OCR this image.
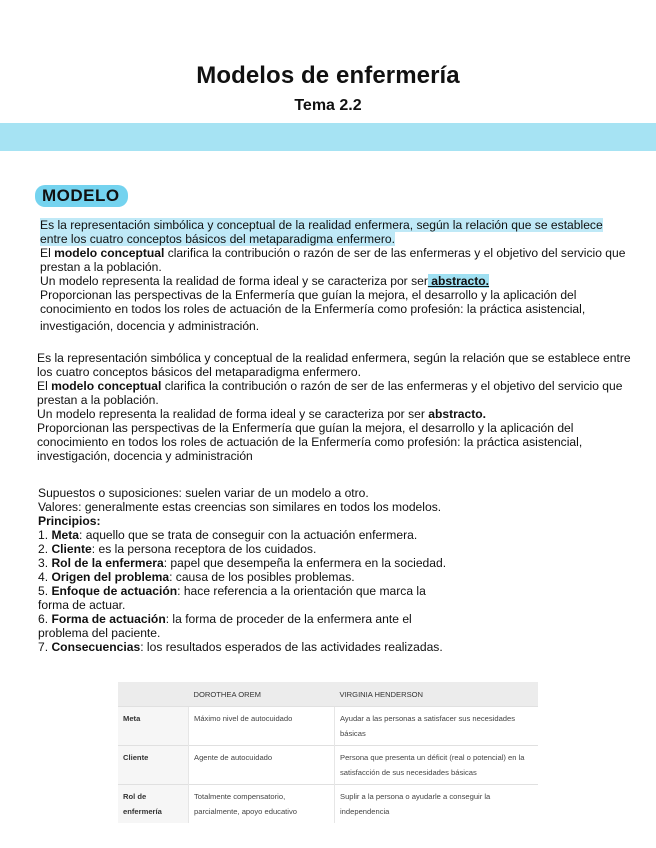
Modelos de enfermería
Tema 2.2
MODELO
Es la representación simbólica y conceptual de la realidad enfermera, según la relación que se establece
entre los cuatro conceptos básicos del metaparadigma enfermero.
El modelo conceptual clarifica la contribución o razón de ser de las enfermeras y el objetivo del servicio que
prestan a la población.
Un modelo representa la realidad de forma ideal y se caracteriza por ser abstracto.
Proporcionan las perspectivas de la Enfermería que guían la mejora, el desarrollo y la aplicación del
conocimiento en todos los roles de actuación de la Enfermería como profesión: la práctica asistencial,
investigación, docencia y administración.
Es la representación simbólica y conceptual de la realidad enfermera, según la relación que se establece entre
los cuatro conceptos básicos del metaparadigma enfermero.
El modelo conceptual clarifica la contribución o razón de ser de las enfermeras y el objetivo del servicio que
prestan a la población.
Un modelo representa la realidad de forma ideal y se caracteriza por ser abstracto.
Proporcionan las perspectivas de la Enfermería que guían la mejora, el desarrollo y la aplicación del
conocimiento en todos los roles de actuación de la Enfermería como profesión: la práctica asistencial,
investigación, docencia y administración
Supuestos o suposiciones: suelen variar de un modelo a otro.
Valores: generalmente estas creencias son similares en todos los modelos.
Principios:
1. Meta: aquello que se trata de conseguir con la actuación enfermera.
2. Cliente: es la persona receptora de los cuidados.
3. Rol de la enfermera: papel que desempeña la enfermera en la sociedad.
4. Origen del problema: causa de los posibles problemas.
5. Enfoque de actuación: hace referencia a la orientación que marca la
forma de actuar.
6. Forma de actuación: la forma de proceder de la enfermera ante el
problema del paciente.
7. Consecuencias: los resultados esperados de las actividades realizadas.
	DOROTHEA OREM	VIRGINIA HENDERSON
Meta	Máximo nivel de autocuidado	Ayudar a las personas a satisfacer sus necesidades básicas
Cliente	Agente de autocuidado	Persona que presenta un déficit (real o potencial) en la satisfacción de sus necesidades básicas
Rol de enfermería	Totalmente compensatorio, parcialmente, apoyo educativo	Suplir a la persona o ayudarle a conseguir la independencia
